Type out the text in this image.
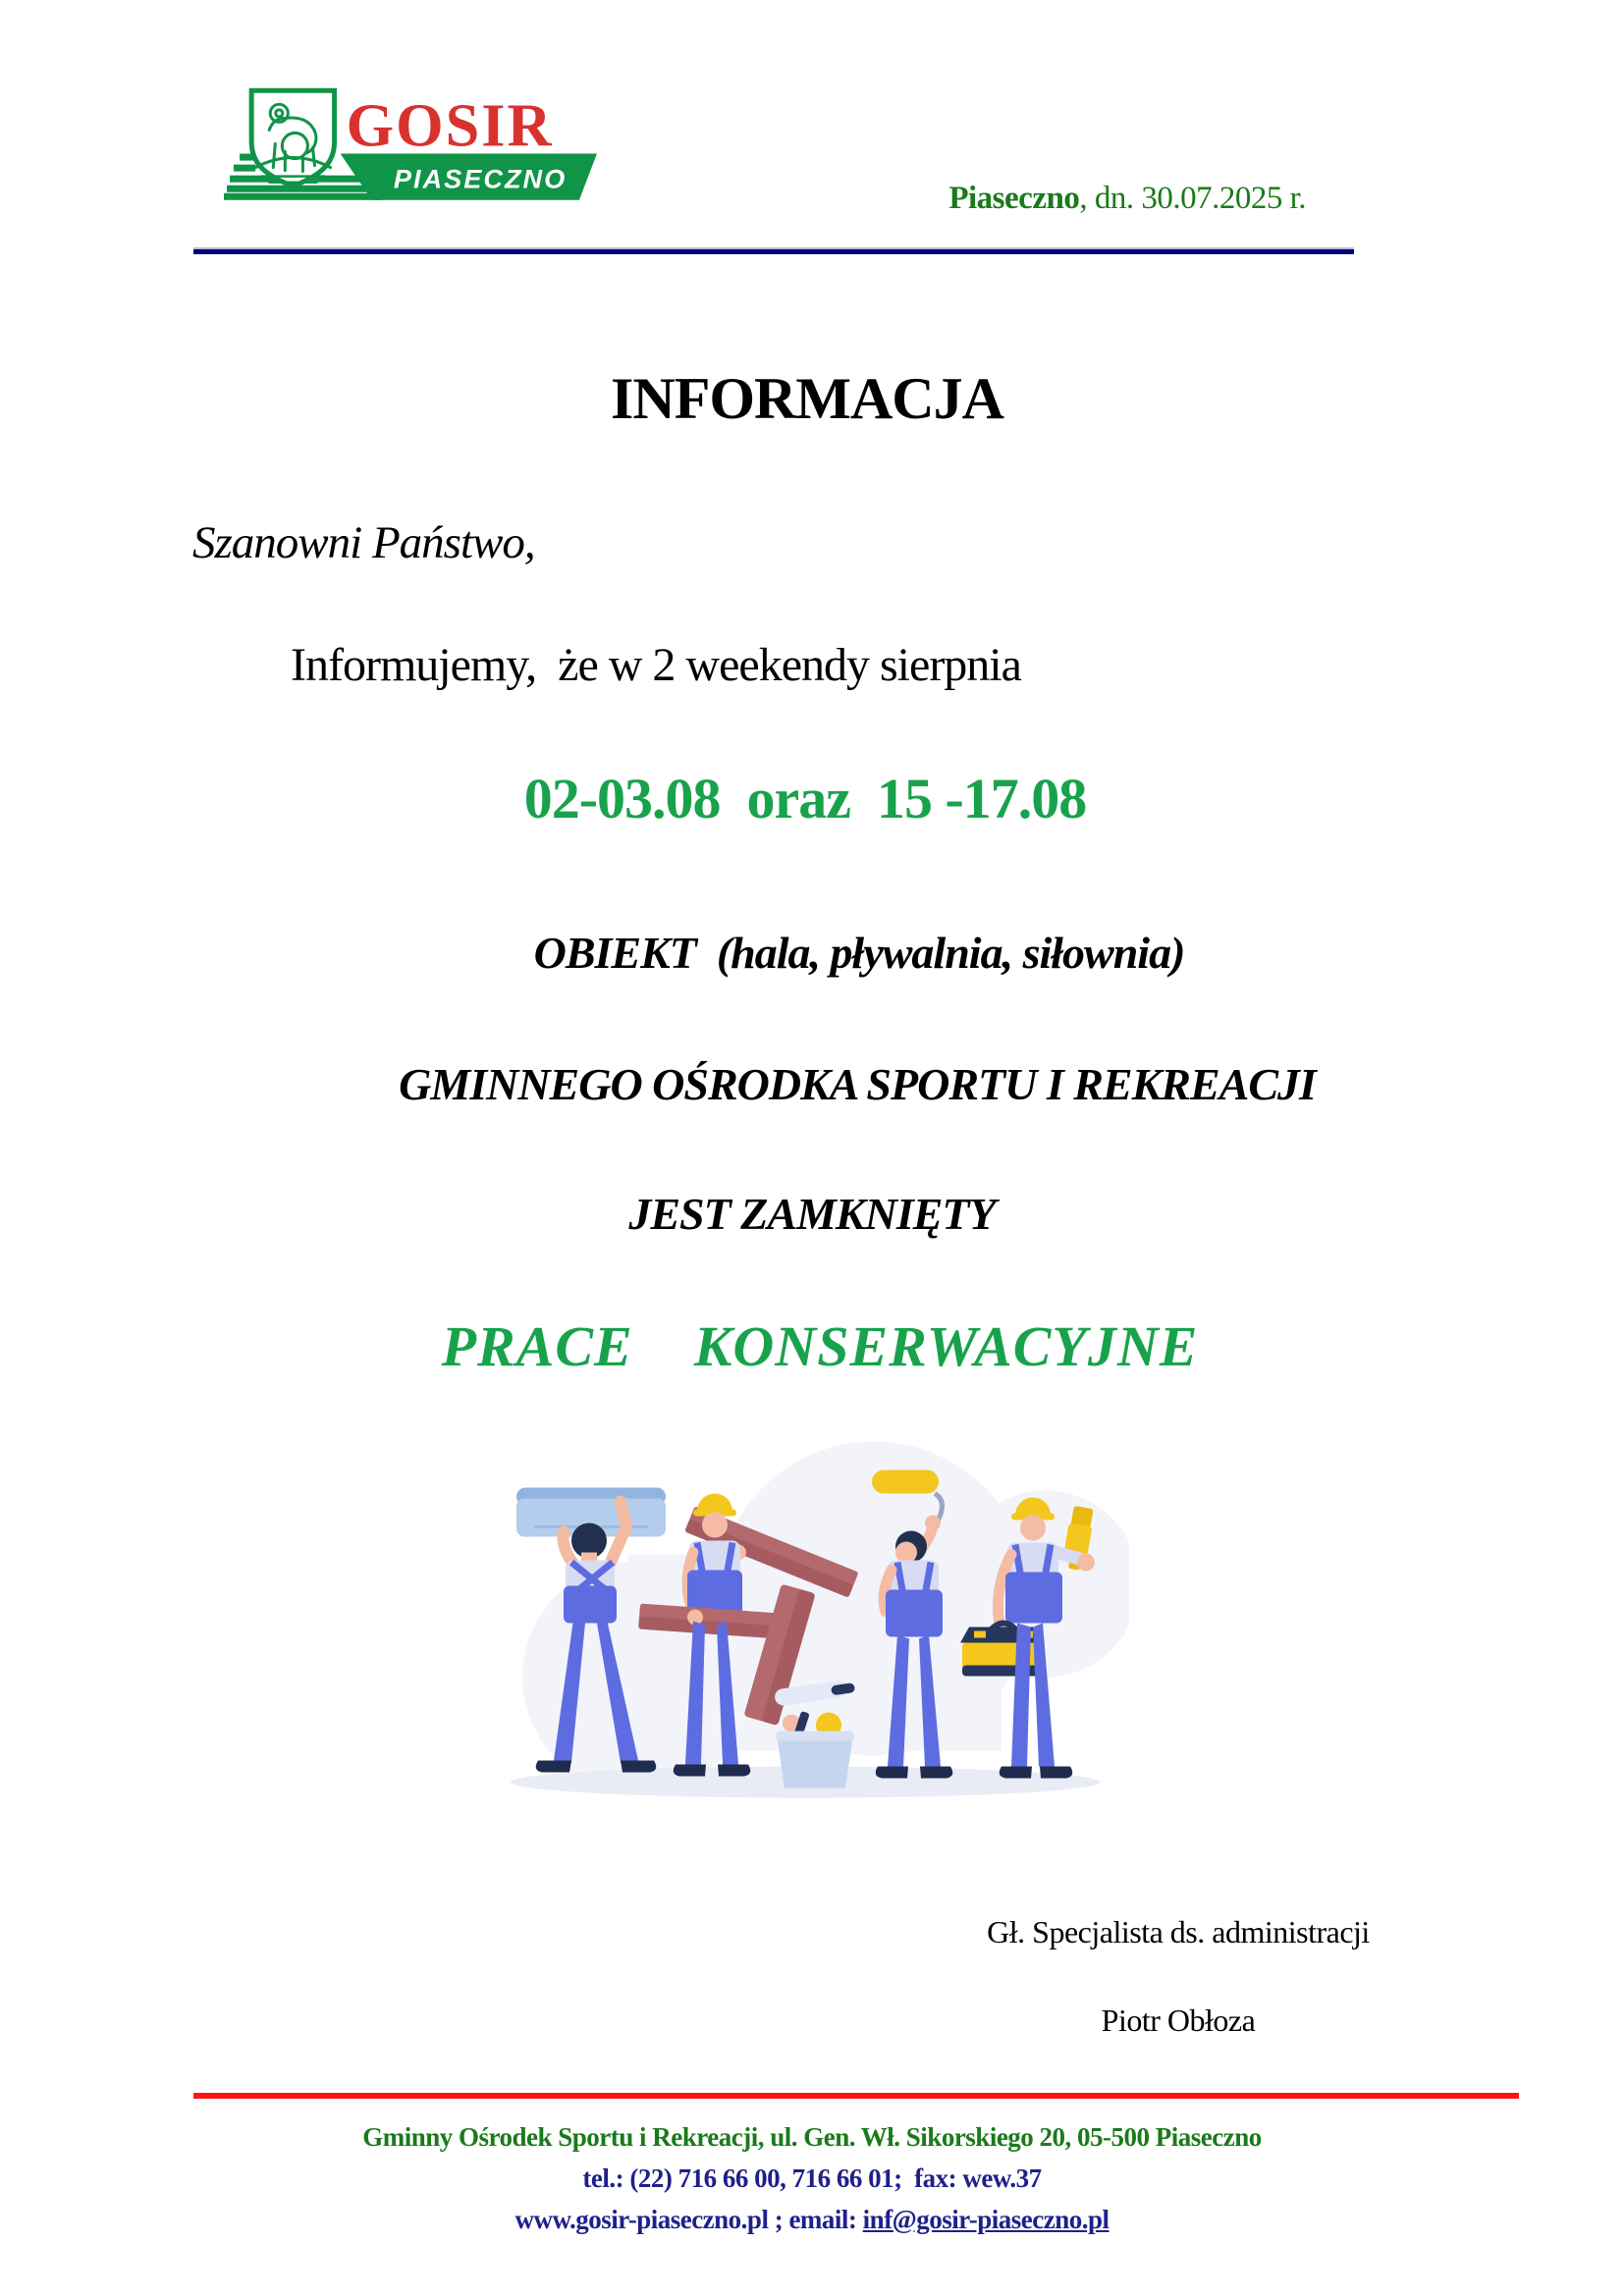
PIASECZNO
GOSIR
Piaseczno, dn. 30.07.2025 r.
INFORMACJA
Szanowni Państwo,
Informujemy,  że w 2 weekendy sierpnia
02-03.08  oraz  15 -17.08
OBIEKT  (hala, pływalnia, siłownia)
GMINNEGO OŚRODKA SPORTU I REKREACJI
JEST ZAMKNIĘTY
PRACE    KONSERWACYJNE
Gł. Specjalista ds. administracji
Piotr Obłoza
Gminny Ośrodek Sportu i Rekreacji, ul. Gen. Wł. Sikorskiego 20, 05-500 Piaseczno
tel.: (22) 716 66 00, 716 66 01;  fax: wew.37
www.gosir-piaseczno.pl ; email: inf@gosir-piaseczno.pl
